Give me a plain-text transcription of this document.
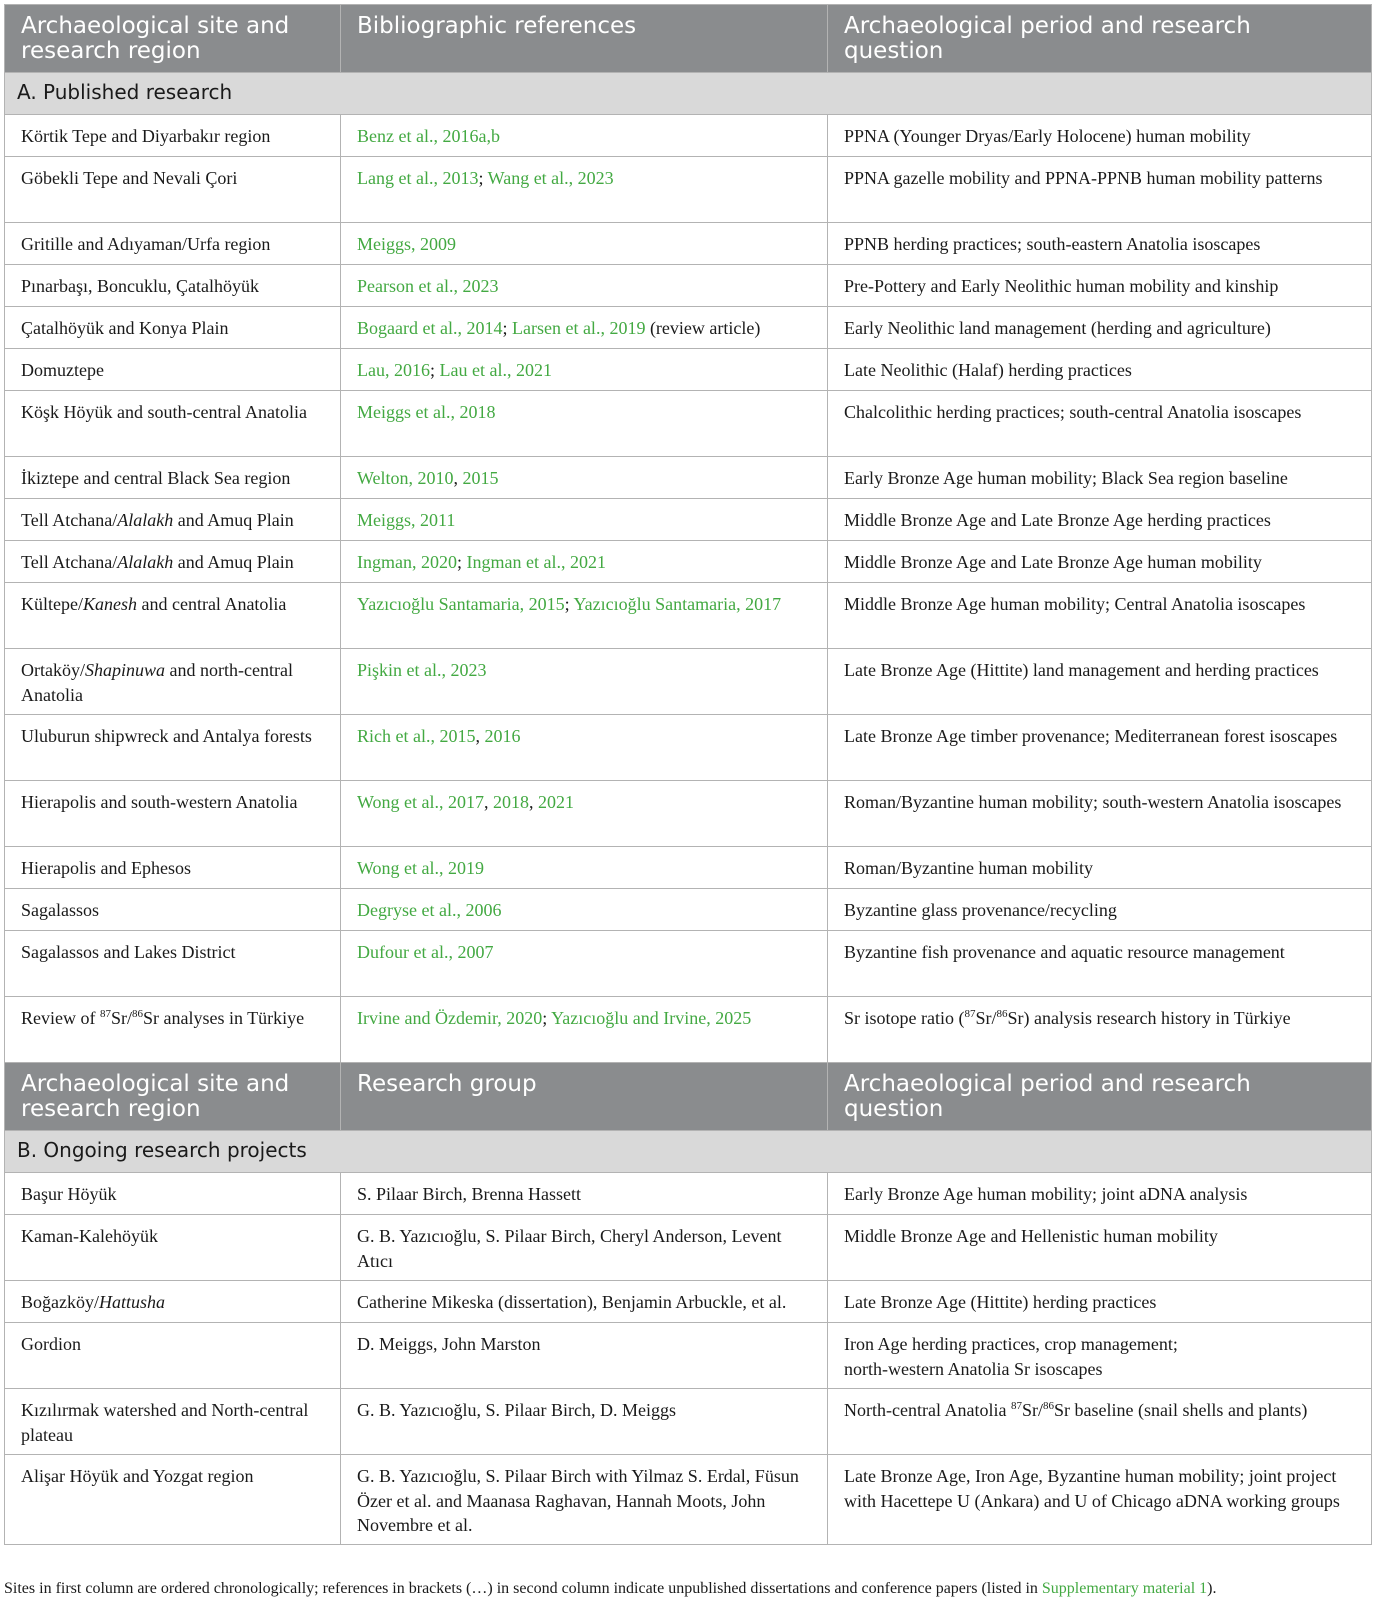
Archaeological site and research region	Bibliographic references	Archaeological period and research question
A. Published research		
Körtik Tepe and Diyarbakır region	Benz et al., 2016a,b	PPNA (Younger Dryas/Early Holocene) human mobility
Göbekli Tepe and Nevali Çori	Lang et al., 2013; Wang et al., 2023	PPNA gazelle mobility and PPNA-PPNB human mobility patterns
Gritille and Adıyaman/Urfa region	Meiggs, 2009	PPNB herding practices; south-eastern Anatolia isoscapes
Pınarbaşı, Boncuklu, Çatalhöyük	Pearson et al., 2023	Pre-Pottery and Early Neolithic human mobility and kinship
Çatalhöyük and Konya Plain	Bogaard et al., 2014; Larsen et al., 2019 (review article)	Early Neolithic land management (herding and agriculture)
Domuztepe	Lau, 2016; Lau et al., 2021	Late Neolithic (Halaf) herding practices
Köşk Höyük and south-central Anatolia	Meiggs et al., 2018	Chalcolithic herding practices; south-central Anatolia isoscapes
İkiztepe and central Black Sea region	Welton, 2010, 2015	Early Bronze Age human mobility; Black Sea region baseline
Tell Atchana/Alalakh and Amuq Plain	Meiggs, 2011	Middle Bronze Age and Late Bronze Age herding practices
Tell Atchana/Alalakh and Amuq Plain	Ingman, 2020; Ingman et al., 2021	Middle Bronze Age and Late Bronze Age human mobility
Kültepe/Kanesh and central Anatolia	Yazıcıoğlu Santamaria, 2015; Yazıcıoğlu Santamaria, 2017	Middle Bronze Age human mobility; Central Anatolia isoscapes
Ortaköy/Shapinuwa and north-central Anatolia	Pişkin et al., 2023	Late Bronze Age (Hittite) land management and herding practices
Uluburun shipwreck and Antalya forests	Rich et al., 2015, 2016	Late Bronze Age timber provenance; Mediterranean forest isoscapes
Hierapolis and south-western Anatolia	Wong et al., 2017, 2018, 2021	Roman/Byzantine human mobility; south-western Anatolia isoscapes
Hierapolis and Ephesos	Wong et al., 2019	Roman/Byzantine human mobility
Sagalassos	Degryse et al., 2006	Byzantine glass provenance/recycling
Sagalassos and Lakes District	Dufour et al., 2007	Byzantine fish provenance and aquatic resource management
Review of $^{87}$Sr/$^{86}$Sr analyses in Türkiye	Irvine and Özdemir, 2020; Yazıcıoğlu and Irvine, 2025	Sr isotope ratio ($^{87}$Sr/$^{86}$Sr) analysis research history in Türkiye
Archaeological site and research region	Research group	Archaeological period and research question
B. Ongoing research projects		
Başur Höyük	S. Pilaar Birch, Brenna Hassett	Early Bronze Age human mobility; joint aDNA analysis
Kaman-Kalehöyük	G. B. Yazıcıoğlu, S. Pilaar Birch, Cheryl Anderson, Levent Atıcı	Middle Bronze Age and Hellenistic human mobility
Boğazköy/Hattusha	Catherine Mikeska (dissertation), Benjamin Arbuckle, et al.	Late Bronze Age (Hittite) herding practices
Gordion	D. Meiggs, John Marston	Iron Age herding practices, crop management;
north-western Anatolia Sr isoscapes
Kızılırmak watershed and North-central plateau	G. B. Yazıcıoğlu, S. Pilaar Birch, D. Meiggs	North-central Anatolia $^{87}$Sr/$^{86}$Sr baseline (snail shells and plants)
Alişar Höyük and Yozgat region	G. B. Yazıcıoğlu, S. Pilaar Birch with Yilmaz S. Erdal, Füsun Özer et al. and Maanasa Raghavan, Hannah Moots, John Novembre et al.	Late Bronze Age, Iron Age, Byzantine human mobility; joint project with Hacettepe U (Ankara) and U of Chicago aDNA working groups
Sites in first column are ordered chronologically; references in brackets (…) in second column indicate unpublished dissertations and conference papers (listed in Supplementary material 1).
